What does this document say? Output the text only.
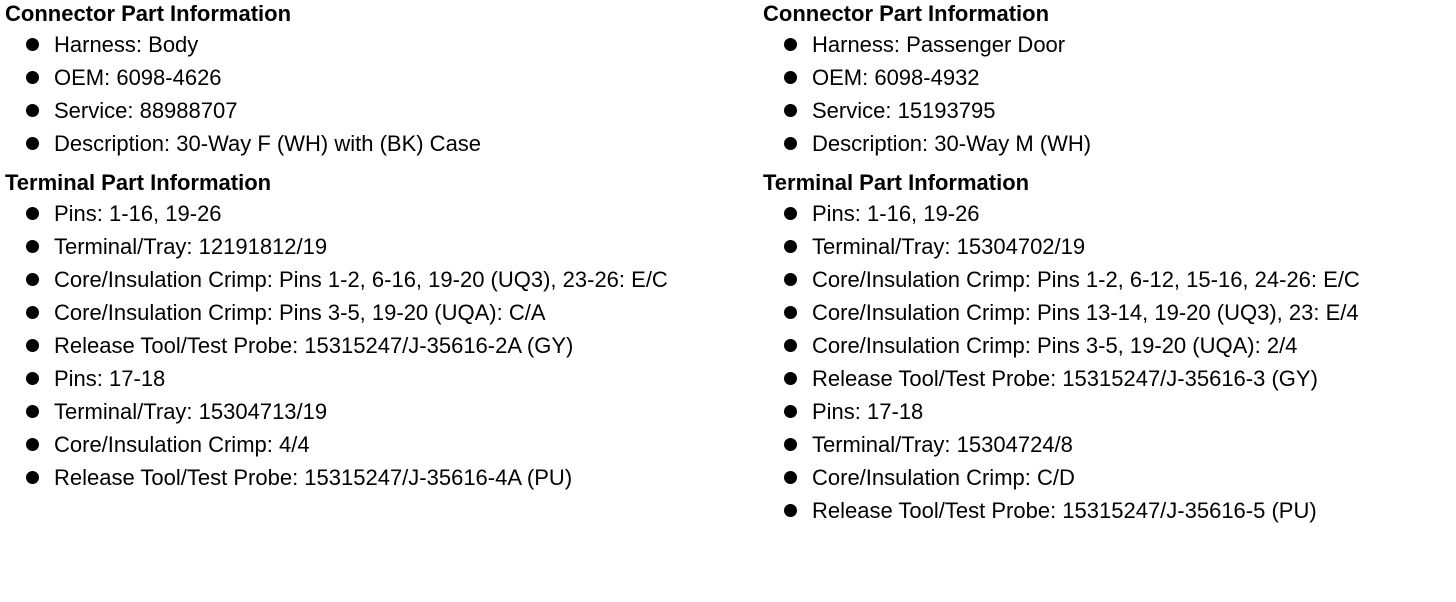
Connector Part Information
Harness: Body
OEM: 6098-4626
Service: 88988707
Description: 30-Way F (WH) with (BK) Case
Terminal Part Information
Pins: 1-16, 19-26
Terminal/Tray: 12191812/19
Core/Insulation Crimp: Pins 1-2, 6-16, 19-20 (UQ3), 23-26: E/C
Core/Insulation Crimp: Pins 3-5, 19-20 (UQA): C/A
Release Tool/Test Probe: 15315247/J-35616-2A (GY)
Pins: 17-18
Terminal/Tray: 15304713/19
Core/Insulation Crimp: 4/4
Release Tool/Test Probe: 15315247/J-35616-4A (PU)
Connector Part Information
Harness: Passenger Door
OEM: 6098-4932
Service: 15193795
Description: 30-Way M (WH)
Terminal Part Information
Pins: 1-16, 19-26
Terminal/Tray: 15304702/19
Core/Insulation Crimp: Pins 1-2, 6-12, 15-16, 24-26: E/C
Core/Insulation Crimp: Pins 13-14, 19-20 (UQ3), 23: E/4
Core/Insulation Crimp: Pins 3-5, 19-20 (UQA): 2/4
Release Tool/Test Probe: 15315247/J-35616-3 (GY)
Pins: 17-18
Terminal/Tray: 15304724/8
Core/Insulation Crimp: C/D
Release Tool/Test Probe: 15315247/J-35616-5 (PU)
